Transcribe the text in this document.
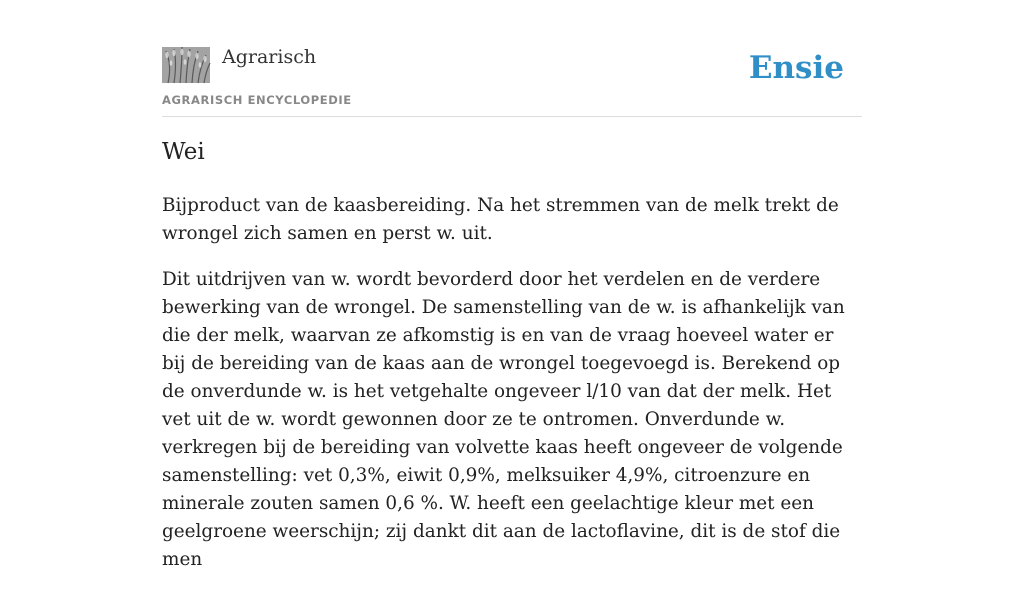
Agrarisch
AGRARISCH ENCYCLOPEDIE
Ensie
Wei

Bijproduct van de kaasbereiding. Na het stremmen van de melk trekt de wrongel zich samen en perst w. uit.

Dit uitdrijven van w. wordt bevorderd door het verdelen en de verdere bewerking van de wrongel. De samenstelling van de w. is afhankelijk van die der melk, waarvan ze afkomstig is en van de vraag hoeveel water er bij de bereiding van de kaas aan de wrongel toegevoegd is. Berekend op de onverdunde w. is het vetgehalte ongeveer l/10 van dat der melk. Het vet uit de w. wordt gewonnen door ze te ontromen. Onverdunde w. verkregen bij de bereiding van volvette kaas heeft ongeveer de volgende samenstelling: vet 0,3%, eiwit 0,9%, melksuiker 4,9%, citroenzure en minerale zouten samen 0,6 %. W. heeft een geelachtige kleur met een geelgroene weerschijn; zij dankt dit aan de lactoflavine, dit is de stof die men
